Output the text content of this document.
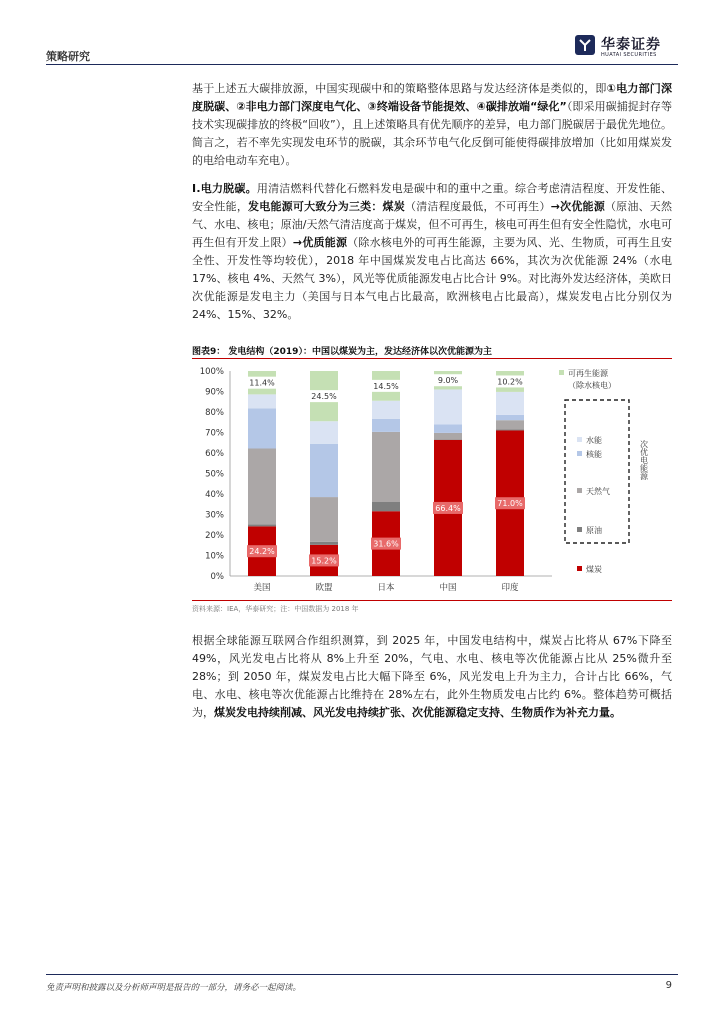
策略研究
华泰证券
HUATAI SECURITIES
基于上述五大碳排放源，中国实现碳中和的策略整体思路与发达经济体是类似的，即①电力部门深度脱碳、②非电力部门深度电气化、③终端设备节能提效、④碳排放端“绿化”（即采用碳捕捉封存等技术实现碳排放的终极“回收”），且上述策略具有优先顺序的差异，电力部门脱碳居于最优先地位。简言之，若不率先实现发电环节的脱碳，其余环节电气化反倒可能使得碳排放增加（比如用煤炭发的电给电动车充电）。
Ⅰ.电力脱碳。用清洁燃料代替化石燃料发电是碳中和的重中之重。综合考虑清洁程度、开发性能、安全性能，发电能源可大致分为三类：煤炭（清洁程度最低，不可再生）→次优能源（原油、天然气、水电、核电；原油/天然气清洁度高于煤炭，但不可再生，核电可再生但有安全性隐忧，水电可再生但有开发上限）→优质能源（除水核电外的可再生能源，主要为风、光、生物质，可再生且安全性、开发性等均较优），2018 年中国煤炭发电占比高达 66%，其次为次优能源 24%（水电 17%、核电 4%、天然气 3%），风光等优质能源发电占比合计 9%。对比海外发达经济体，美欧日次优能源是发电主力（美国与日本气电占比最高，欧洲核电占比最高），煤炭发电占比分别仅为 24%、15%、32%。
图表9： 发电结构（2019）：中国以煤炭为主，发达经济体以次优能源为主
0%
10%
20%
30%
40%
50%
60%
70%
80%
90%
100%
24.2%
11.4%
15.2%
24.5%
31.6%
14.5%
66.4%
9.0%
71.0%
10.2%
美国	欧盟	日本	中国	印度
可再生能源
（除水核电）
水能
核能
天然气
原油
次优电能源
煤炭
资料来源：IEA，华泰研究；注：中国数据为 2018 年
根据全球能源互联网合作组织测算，到 2025 年，中国发电结构中，煤炭占比将从 67%下降至 49%，风光发电占比将从 8%上升至 20%，气电、水电、核电等次优能源占比从 25%微升至 28%；到 2050 年，煤炭发电占比大幅下降至 6%，风光发电上升为主力，合计占比 66%，气电、水电、核电等次优能源占比维持在 28%左右，此外生物质发电占比约 6%。整体趋势可概括为，煤炭发电持续削减、风光发电持续扩张、次优能源稳定支持、生物质作为补充力量。
免责声明和披露以及分析师声明是报告的一部分，请务必一起阅读。	9
